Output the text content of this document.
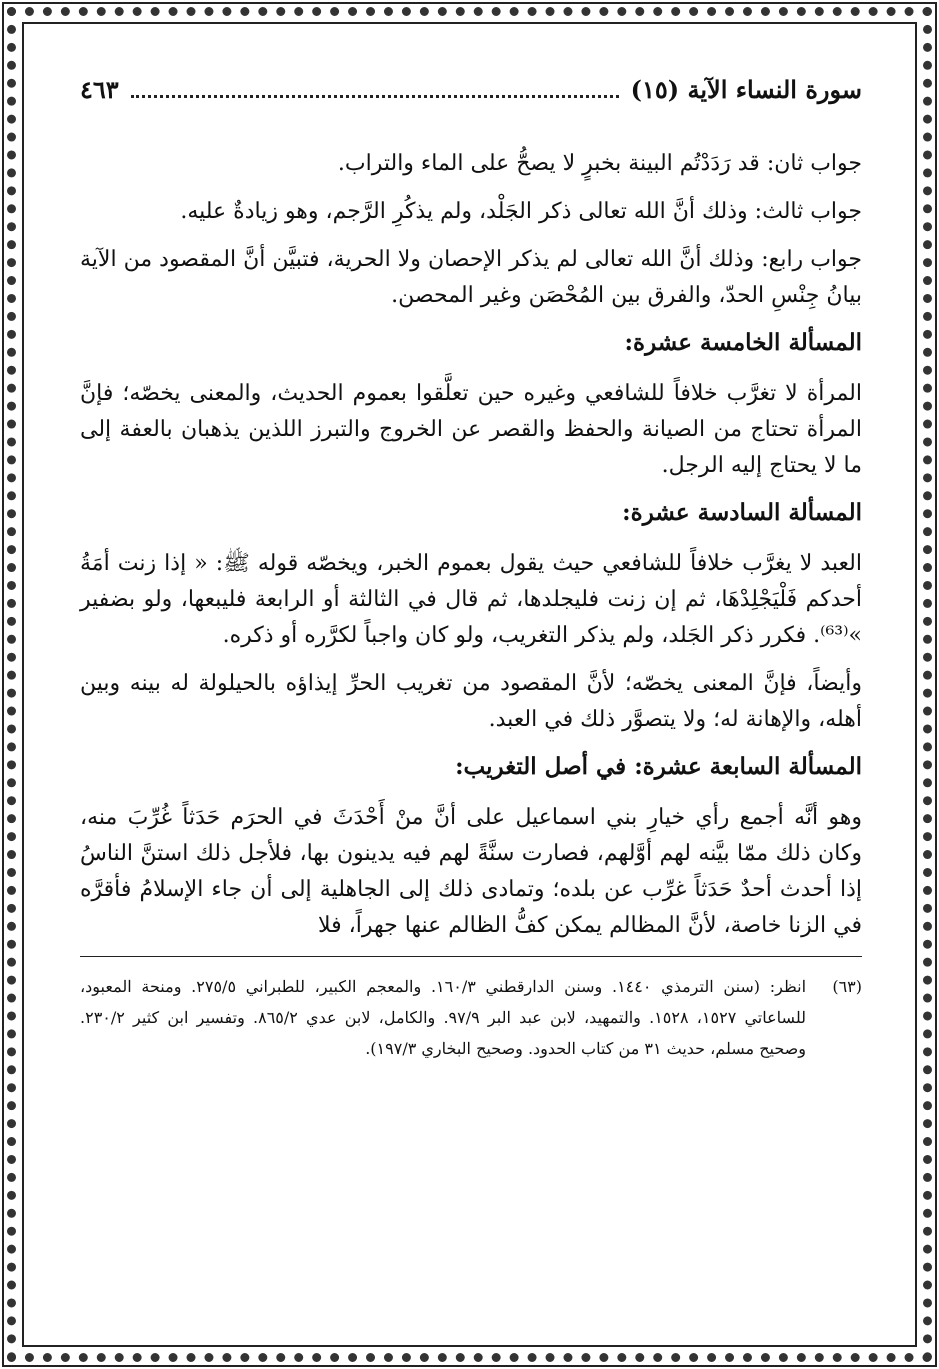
سورة النساء الآية (١٥)
٤٦٣

جواب ثان: قد رَدَدْتُم البينة بخبرٍ لا يصحُّ على الماء والتراب.

جواب ثالث: وذلك أنَّ الله تعالى ذكر الجَلْد، ولم يذكُرِ الرَّجم، وهو زيادةٌ عليه.

جواب رابع: وذلك أنَّ الله تعالى لم يذكر الإحصان ولا الحرية، فتبيَّن أنَّ المقصود من الآية بيانُ جِنْسِ الحدّ، والفرق بين المُحْصَن وغير المحصن.

المسألة الخامسة عشرة:

المرأة لا تغرَّب خلافاً للشافعي وغيره حين تعلَّقوا بعموم الحديث، والمعنى يخصّه؛ فإنَّ المرأة تحتاج من الصيانة والحفظ والقصر عن الخروج والتبرز اللذين يذهبان بالعفة إلى ما لا يحتاج إليه الرجل.

المسألة السادسة عشرة:

العبد لا يغرَّب خلافاً للشافعي حيث يقول بعموم الخبر، ويخصّه قوله ﷺ: « إذا زنت أمَةُ أحدكم فَلْيَجْلِدْهَا، ثم إن زنت فليجلدها، ثم قال في الثالثة أو الرابعة فليبعها، ولو بضفير »⁽⁶³⁾. فكرر ذكر الجَلد، ولم يذكر التغريب، ولو كان واجباً لكرَّره أو ذكره.

وأيضاً، فإنَّ المعنى يخصّه؛ لأنَّ المقصود من تغريب الحرِّ إيذاؤه بالحيلولة له بينه وبين أهله، والإهانة له؛ ولا يتصوَّر ذلك في العبد.

المسألة السابعة عشرة: في أصل التغريب:

وهو أنَّه أجمع رأي خيارِ بني اسماعيل على أنَّ منْ أَحْدَثَ في الحرَم حَدَثاً غُرِّبَ منه، وكان ذلك ممّا بيَّنه لهم أوَّلهم، فصارت سنَّةً لهم فيه يدينون بها، فلأجل ذلك استنَّ الناسُ إذا أحدث أحدٌ حَدَثاً غرِّب عن بلده؛ وتمادى ذلك إلى الجاهلية إلى أن جاء الإسلامُ فأقرَّه في الزنا خاصة، لأنَّ المظالم يمكن كفُّ الظالم عنها جهراً، فلا

(٦٣)
انظر: (سنن الترمذي ١٤٤٠. وسنن الدارقطني ١٦٠/٣. والمعجم الكبير، للطبراني ٢٧٥/٥. ومنحة المعبود، للساعاتي ١٥٢٧، ١٥٢٨. والتمهيد، لابن عبد البر ٩٧/٩. والكامل، لابن عدي ٨٦٥/٢. وتفسير ابن كثير ٢٣٠/٢. وصحيح مسلم، حديث ٣١ من كتاب الحدود. وصحيح البخاري ١٩٧/٣).
